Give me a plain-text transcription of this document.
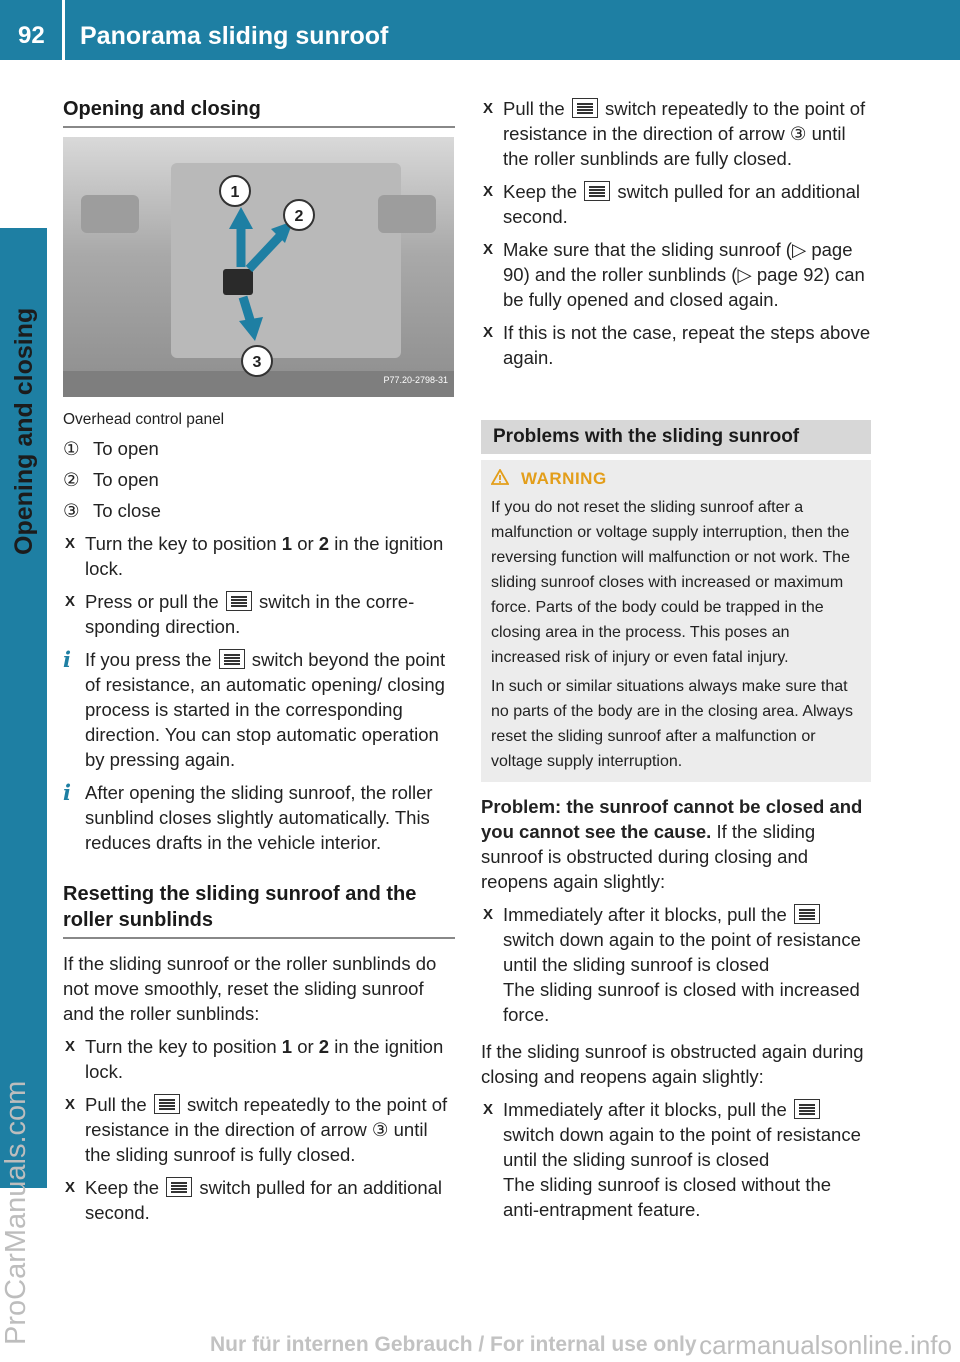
92 Panorama sliding sunroof
ProCarManuals.com
Opening and closing
Opening and closing
1
2
3
P77.20-2798-31
Overhead control panel
① To open
② To open
③ To close
X Turn the key to position 1 or 2 in the ignition lock.
X Press or pull the  switch in the corresponding direction.
i If you press the  switch beyond the point of resistance, an automatic opening/ closing process is started in the corresponding direction. You can stop automatic operation by pressing again.
i After opening the sliding sunroof, the roller sunblind closes slightly automatically. This reduces drafts in the vehicle interior.
Resetting the sliding sunroof and the roller sunblinds
If the sliding sunroof or the roller sunblinds do not move smoothly, reset the sliding sunroof and the roller sunblinds:
X Turn the key to position 1 or 2 in the ignition lock.
X Pull the  switch repeatedly to the point of resistance in the direction of arrow ③ until the sliding sunroof is fully closed.
X Keep the  switch pulled for an additional second.
X Pull the  switch repeatedly to the point of resistance in the direction of arrow ③ until the roller sunblinds are fully closed.
X Keep the  switch pulled for an additional second.
X Make sure that the sliding sunroof (▷ page 90) and the roller sunblinds (▷ page 92) can be fully opened and closed again.
X If this is not the case, repeat the steps above again.
Problems with the sliding sunroof
WARNING

If you do not reset the sliding sunroof after a malfunction or voltage supply interruption, then the reversing function will malfunction or not work. The sliding sunroof closes with increased or maximum force. Parts of the body could be trapped in the closing area in the process. This poses an increased risk of injury or even fatal injury.

In such or similar situations always make sure that no parts of the body are in the closing area. Always reset the sliding sunroof after a malfunction or voltage supply interruption.

Problem: the sunroof cannot be closed and you cannot see the cause. If the sliding sunroof is obstructed during closing and reopens again slightly:
X Immediately after it blocks, pull the  switch down again to the point of resistance until the sliding sunroof is closed
The sliding sunroof is closed with increased force.
If the sliding sunroof is obstructed again during closing and reopens again slightly:
X Immediately after it blocks, pull the  switch down again to the point of resistance until the sliding sunroof is closed
The sliding sunroof is closed without the anti-entrapment feature.
Nur für internen Gebrauch / For internal use only carmanualsonline.info
